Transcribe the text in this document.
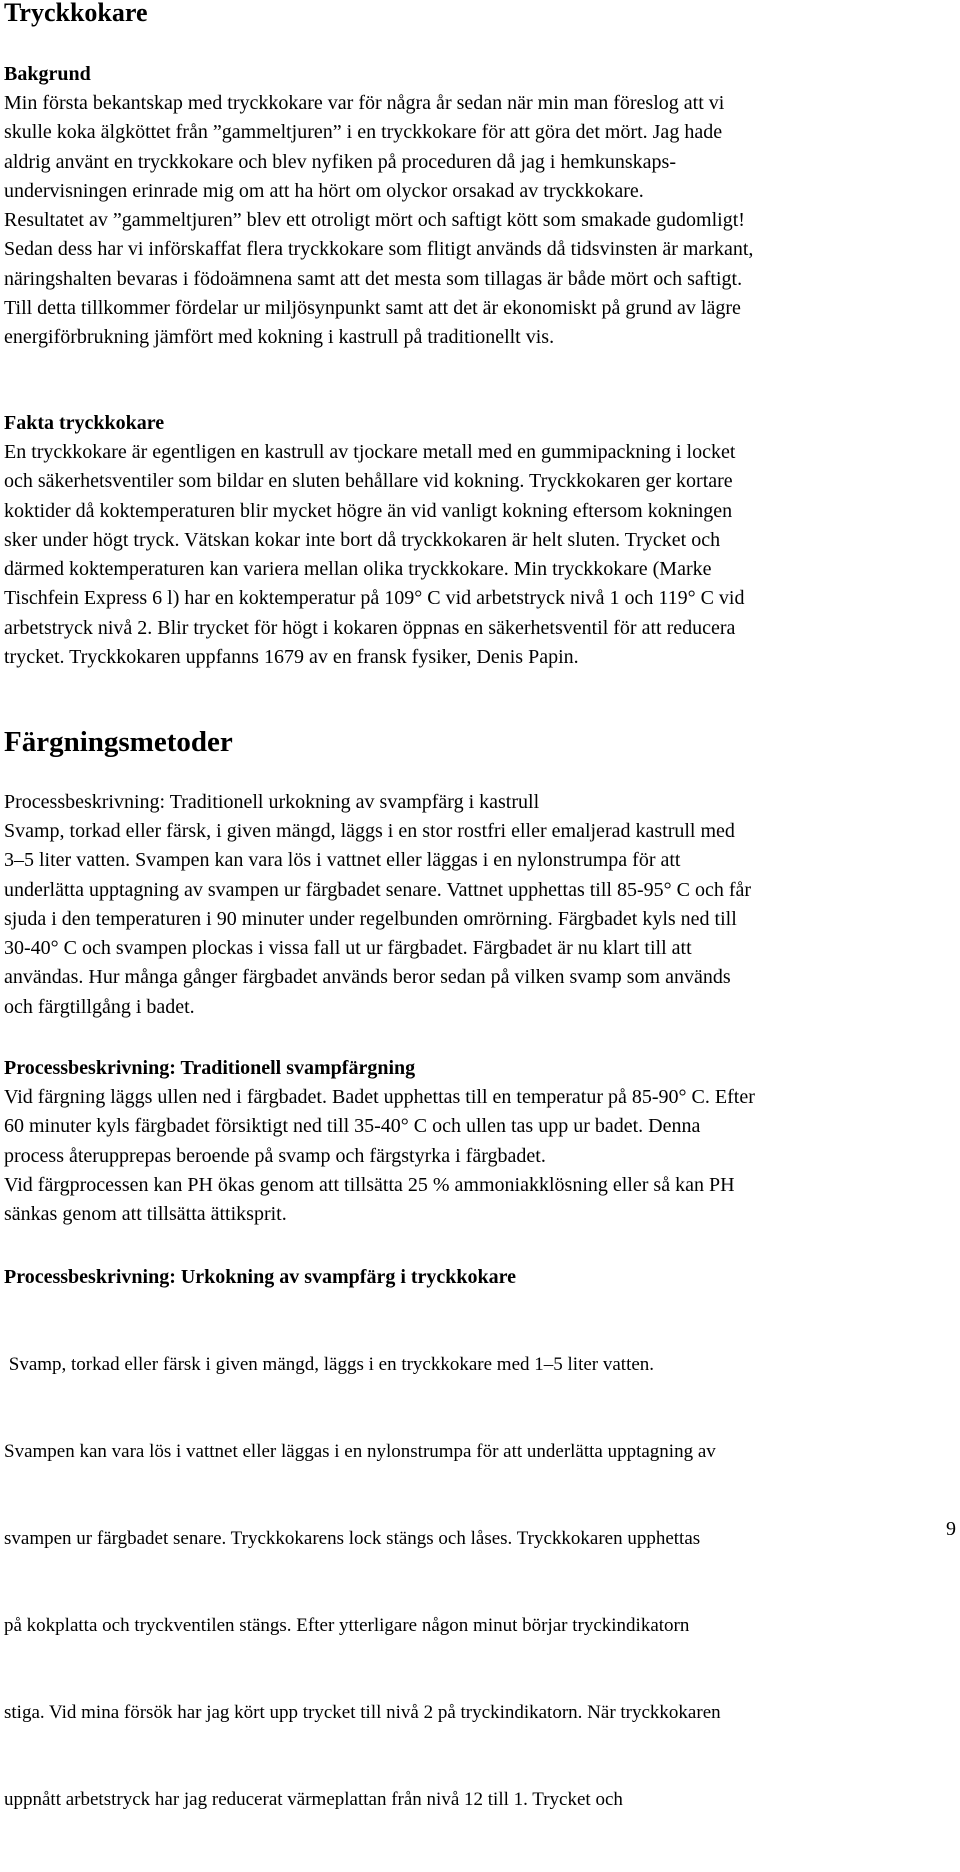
Tryckkokare

Bakgrund

Min första bekantskap med tryckkokare var för några år sedan när min man föreslog att vi
skulle koka älgköttet från ”gammeltjuren” i en tryckkokare för att göra det mört. Jag hade
aldrig använt en tryckkokare och blev nyfiken på proceduren då jag i hemkunskaps-
undervisningen erinrade mig om att ha hört om olyckor orsakad av tryckkokare.
Resultatet av ”gammeltjuren” blev ett otroligt mört och saftigt kött som smakade gudomligt!
Sedan dess har vi införskaffat flera tryckkokare som flitigt används då tidsvinsten är markant,
näringshalten bevaras i födoämnena samt att det mesta som tillagas är både mört och saftigt.
Till detta tillkommer fördelar ur miljösynpunkt samt att det är ekonomiskt på grund av lägre
energiförbrukning jämfört med kokning i kastrull på traditionellt vis.

Fakta tryckkokare

En tryckkokare är egentligen en kastrull av tjockare metall med en gummipackning i locket
och säkerhetsventiler som bildar en sluten behållare vid kokning. Tryckkokaren ger kortare
koktider då koktemperaturen blir mycket högre än vid vanligt kokning eftersom kokningen
sker under högt tryck. Vätskan kokar inte bort då tryckkokaren är helt sluten. Trycket och
därmed koktemperaturen kan variera mellan olika tryckkokare. Min tryckkokare (Marke
Tischfein Express 6 l) har en koktemperatur på 109° C vid arbetstryck nivå 1 och 119° C vid
arbetstryck nivå 2. Blir trycket för högt i kokaren öppnas en säkerhetsventil för att reducera
trycket. Tryckkokaren uppfanns 1679 av en fransk fysiker, Denis Papin.
Färgningsmetoder

Processbeskrivning: Traditionell urkokning av svampfärg i kastrull

Svamp, torkad eller färsk, i given mängd, läggs i en stor rostfri eller emaljerad kastrull med
3–5 liter vatten. Svampen kan vara lös i vattnet eller läggas i en nylonstrumpa för att
underlätta upptagning av svampen ur färgbadet senare. Vattnet upphettas till 85-95° C och får
sjuda i den temperaturen i 90 minuter under regelbunden omrörning. Färgbadet kyls ned till
30-40° C och svampen plockas i vissa fall ut ur färgbadet. Färgbadet är nu klart till att
användas. Hur många gånger färgbadet används beror sedan på vilken svamp som används
och färgtillgång i badet.

Processbeskrivning: Traditionell svampfärgning

Vid färgning läggs ullen ned i färgbadet. Badet upphettas till en temperatur på 85-90° C. Efter
60 minuter kyls färgbadet försiktigt ned till 35-40° C och ullen tas upp ur badet. Denna
process återupprepas beroende på svamp och färgstyrka i färgbadet.
Vid färgprocessen kan PH ökas genom att tillsätta 25 % ammoniakklösning eller så kan PH
sänkas genom att tillsätta ättiksprit.

Processbeskrivning: Urkokning av svampfärg i tryckkokare

Svamp, torkad eller färsk i given mängd, läggs i en tryckkokare med 1–5 liter vatten.

Svampen kan vara lös i vattnet eller läggas i en nylonstrumpa för att underlätta upptagning av

svampen ur färgbadet senare. Tryckkokarens lock stängs och låses. Tryckkokaren upphettas

på kokplatta och tryckventilen stängs. Efter ytterligare någon minut börjar tryckindikatorn

stiga. Vid mina försök har jag kört upp trycket till nivå 2 på tryckindikatorn. När tryckkokaren

uppnått arbetstryck har jag reducerat värmeplattan från nivå 12 till 1. Trycket och

9
